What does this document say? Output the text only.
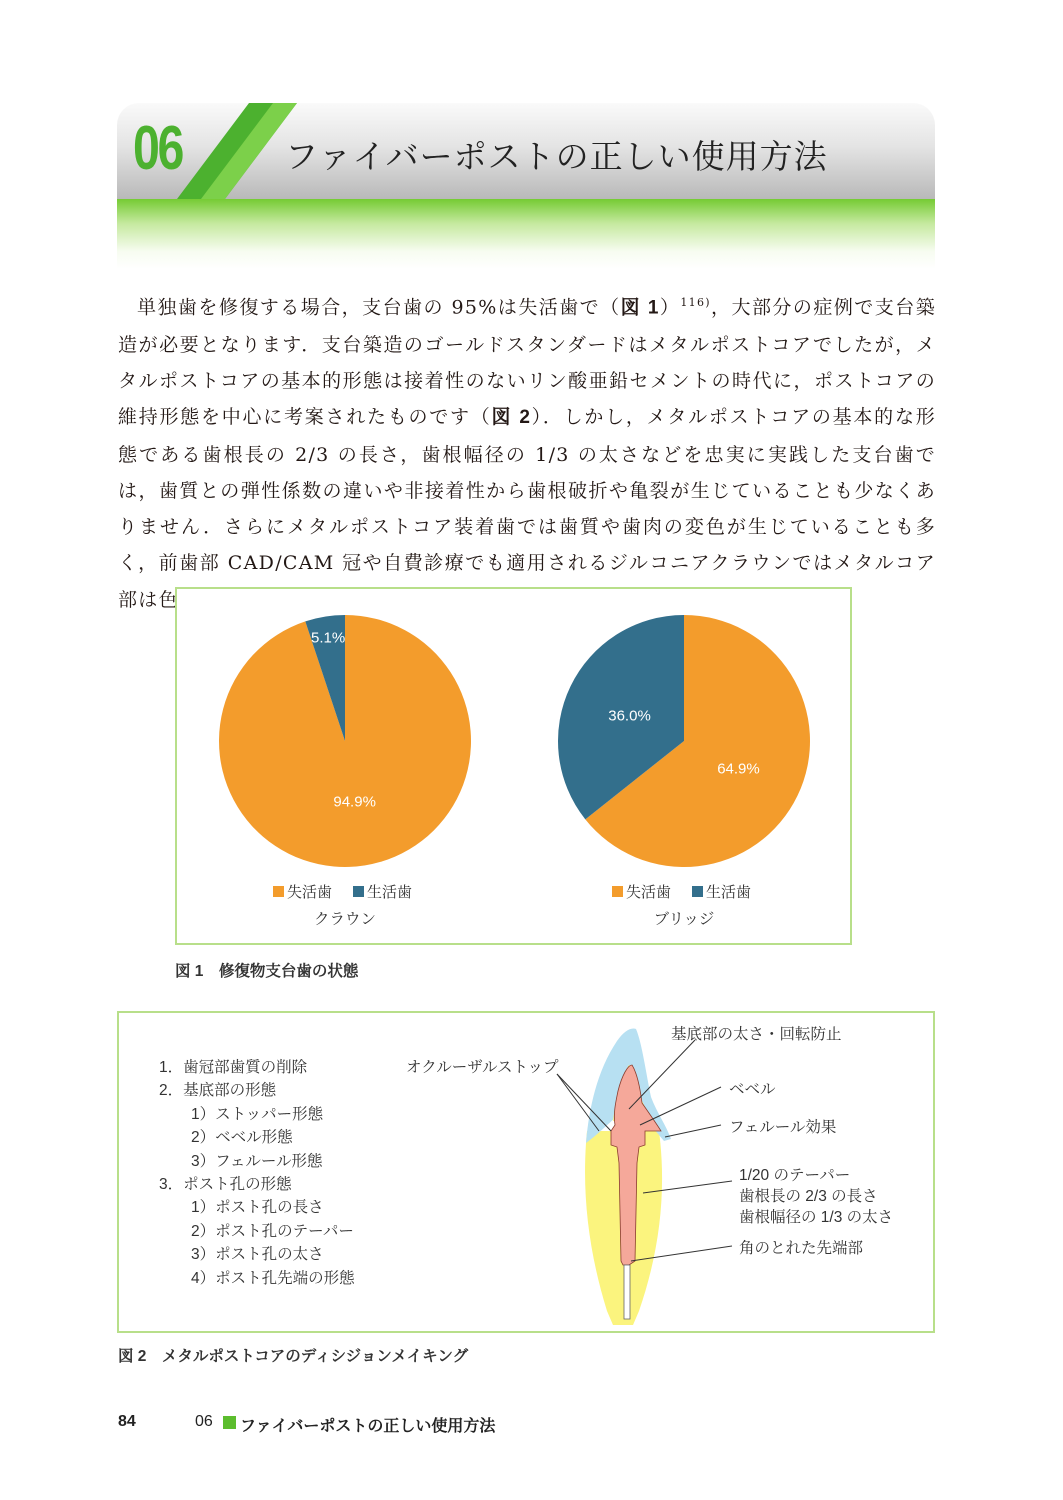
06	ファイバーポストの正しい使用方法

単独歯を修復する場合，支台歯の 95%は失活歯で（図 1）$^{116)}$，大部分の症例で支台築造が必要となります．支台築造のゴールドスタンダードはメタルポストコアでしたが，メタルポストコアの基本的形態は接着性のないリン酸亜鉛セメントの時代に，ポストコアの維持形態を中心に考案されたものです（図 2）．しかし，メタルポストコアの基本的な形態である歯根長の 2/3 の長さ，歯根幅径の 1/3 の太さなどを忠実に実践した支台歯では，歯質との弾性係数の違いや非接着性から歯根破折や亀裂が生じていることも少なくありません．さらにメタルポストコア装着歯では歯質や歯肉の変色が生じていることも多く，前歯部 CAD/CAM 冠や自費診療でも適用されるジルコニアクラウンではメタルコア部は色

94.9%
5.1%
失活歯 生活歯
クラウン
64.9%
36.0%
失活歯 生活歯
ブリッジ
図 1　修復物支台歯の状態
1．歯冠部歯質の削除
2．基底部の形態
1）ストッパー形態
2）ベベル形態
3）フェルール形態
3．ポスト孔の形態
1）ポスト孔の長さ
2）ポスト孔のテーパー
3）ポスト孔の太さ
4）ポスト孔先端の形態
基底部の太さ・回転防止
オクルーザルストップ
ベベル
フェルール効果
1/20 のテーパー
歯根長の 2/3 の長さ
歯根幅径の 1/3 の太さ
角のとれた先端部
図 2　メタルポストコアのディシジョンメイキング
84	06 ファイバーポストの正しい使用方法
